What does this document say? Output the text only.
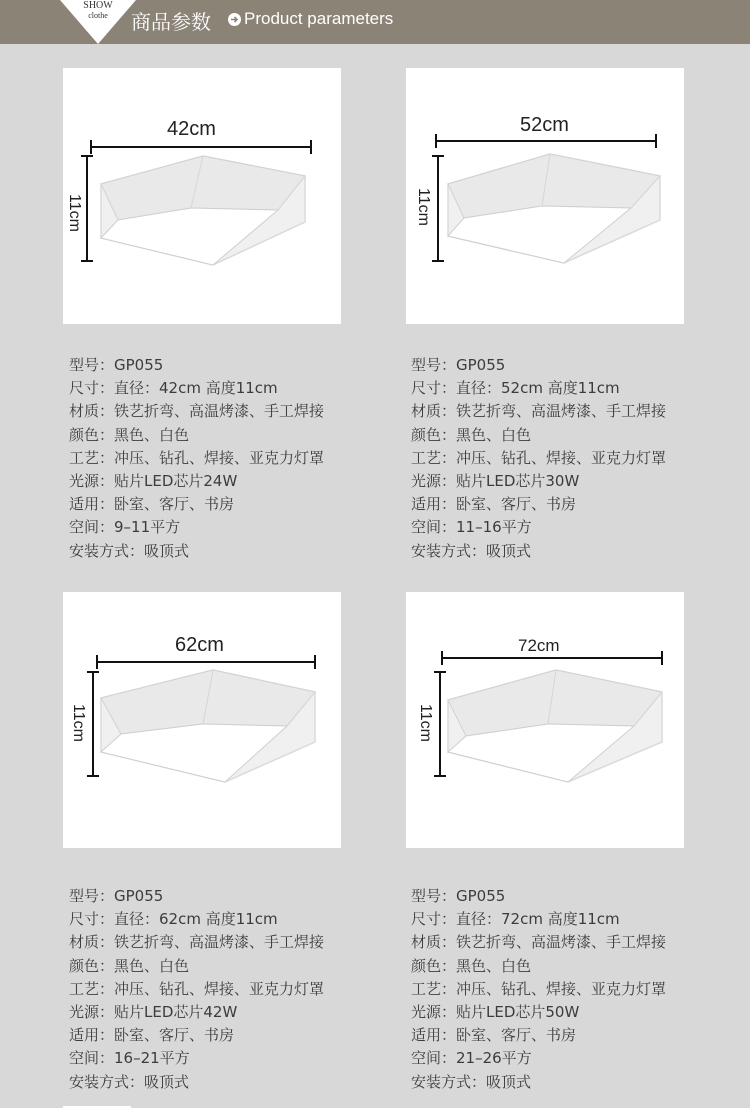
SHOW
clothe	商品参数 Product parameters
42cm
11cm
52cm
11cm
型号：GP055
尺寸：直径：42cm 高度11cm
材质：铁艺折弯、高温烤漆、手工焊接
颜色：黑色、白色
工艺：冲压、钻孔、焊接、亚克力灯罩
光源：贴片LED芯片24W
适用：卧室、客厅、书房
空间：9–11平方
安装方式：吸顶式
型号：GP055
尺寸：直径：52cm 高度11cm
材质：铁艺折弯、高温烤漆、手工焊接
颜色：黑色、白色
工艺：冲压、钻孔、焊接、亚克力灯罩
光源：贴片LED芯片30W
适用：卧室、客厅、书房
空间：11–16平方
安装方式：吸顶式
62cm
11cm
72cm
11cm
型号：GP055
尺寸：直径：62cm 高度11cm
材质：铁艺折弯、高温烤漆、手工焊接
颜色：黑色、白色
工艺：冲压、钻孔、焊接、亚克力灯罩
光源：贴片LED芯片42W
适用：卧室、客厅、书房
空间：16–21平方
安装方式：吸顶式
型号：GP055
尺寸：直径：72cm 高度11cm
材质：铁艺折弯、高温烤漆、手工焊接
颜色：黑色、白色
工艺：冲压、钻孔、焊接、亚克力灯罩
光源：贴片LED芯片50W
适用：卧室、客厅、书房
空间：21–26平方
安装方式：吸顶式
